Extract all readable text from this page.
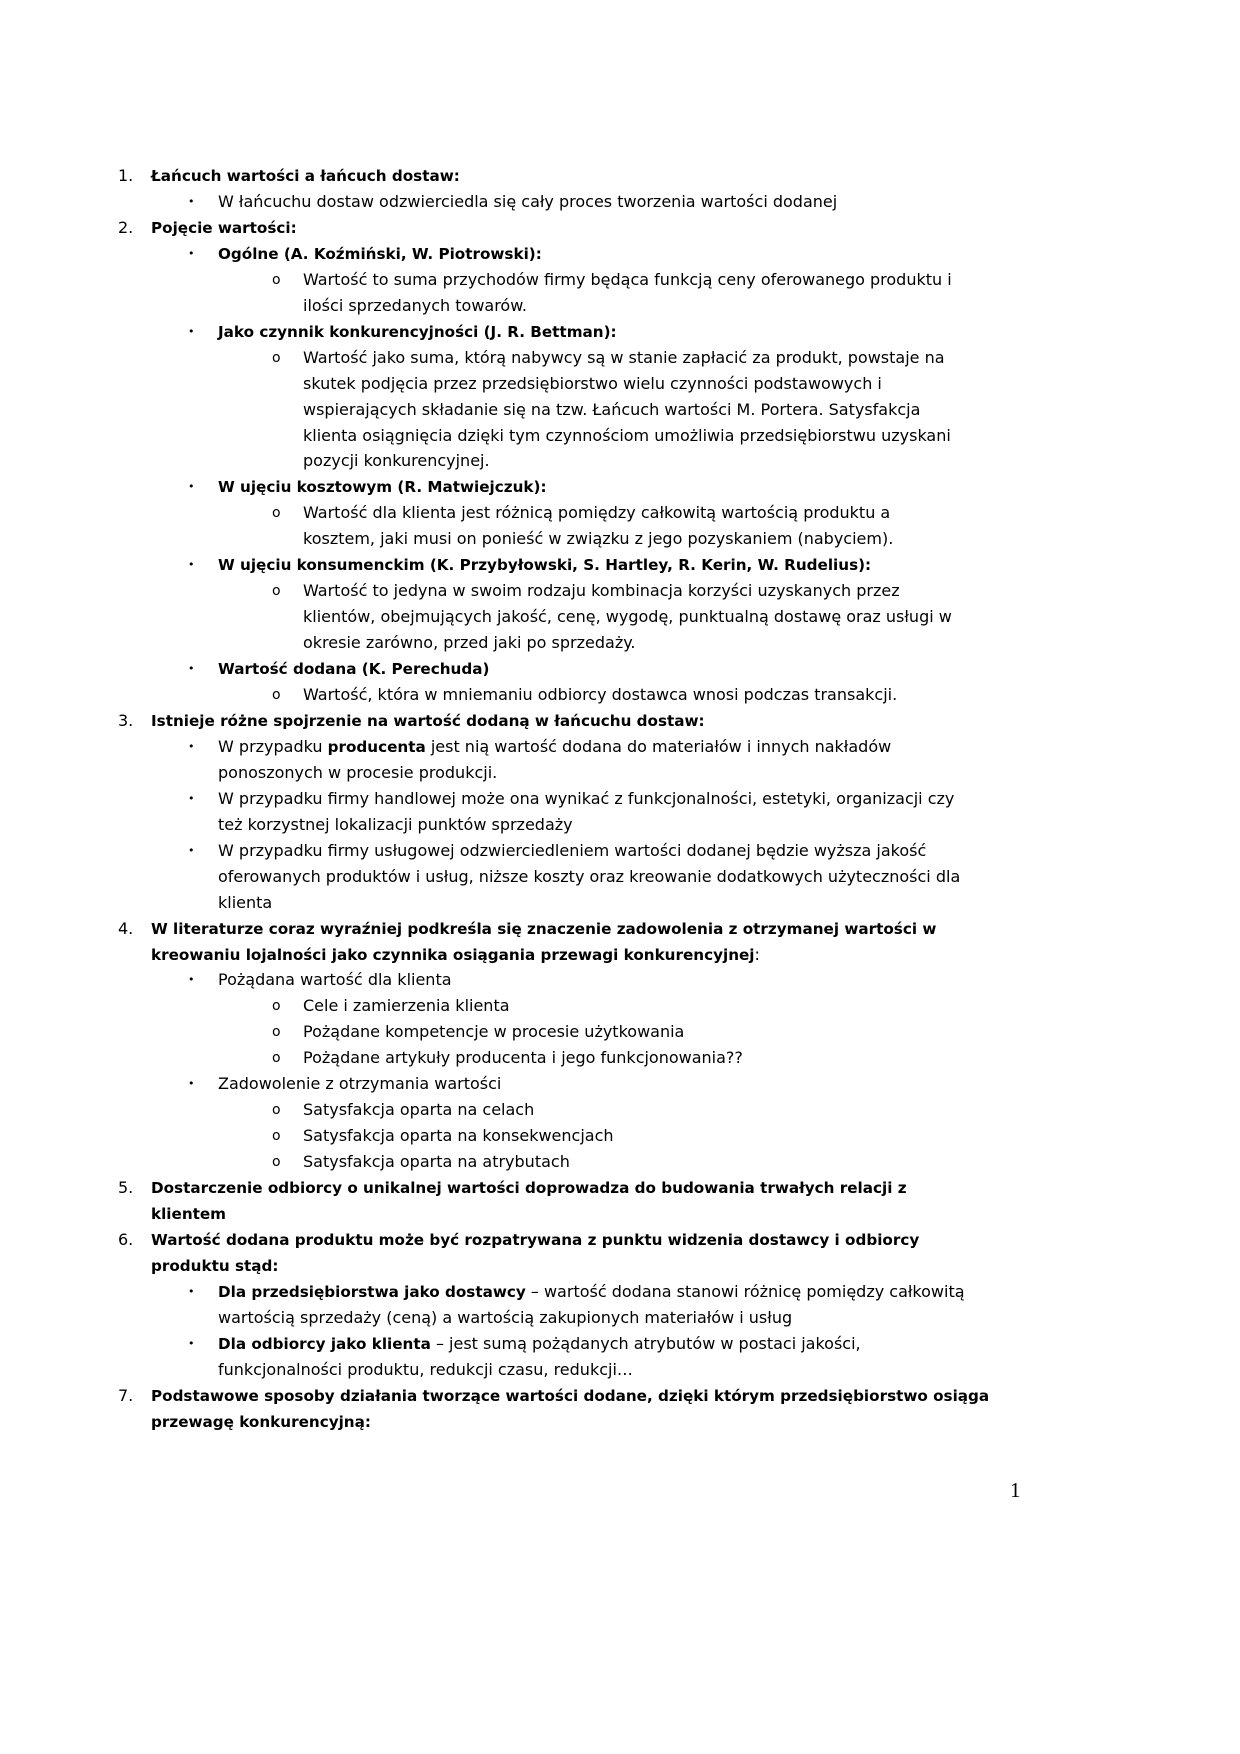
1
1. Łańcuch wartości a łańcuch dostaw:
• W łańcuchu dostaw odzwierciedla się cały proces tworzenia wartości dodanej
2. Pojęcie wartości:
• Ogólne (A. Koźmiński, W. Piotrowski):
o Wartość to suma przychodów firmy będąca funkcją ceny oferowanego produktu i
ilości sprzedanych towarów.
• Jako czynnik konkurencyjności (J. R. Bettman):
o Wartość jako suma, którą nabywcy są w stanie zapłacić za produkt, powstaje na
skutek podjęcia przez przedsiębiorstwo wielu czynności podstawowych i
wspierających składanie się na tzw. Łańcuch wartości M. Portera. Satysfakcja
klienta osiągnięcia dzięki tym czynnościom umożliwia przedsiębiorstwu uzyskani
pozycji konkurencyjnej.
• W ujęciu kosztowym (R. Matwiejczuk):
o Wartość dla klienta jest różnicą pomiędzy całkowitą wartością produktu a
kosztem, jaki musi on ponieść w związku z jego pozyskaniem (nabyciem).
• W ujęciu konsumenckim (K. Przybyłowski, S. Hartley, R. Kerin, W. Rudelius):
o Wartość to jedyna w swoim rodzaju kombinacja korzyści uzyskanych przez
klientów, obejmujących jakość, cenę, wygodę, punktualną dostawę oraz usługi w
okresie zarówno, przed jaki po sprzedaży.
• Wartość dodana (K. Perechuda)
o Wartość, która w mniemaniu odbiorcy dostawca wnosi podczas transakcji.
3. Istnieje różne spojrzenie na wartość dodaną w łańcuchu dostaw:
• W przypadku producenta jest nią wartość dodana do materiałów i innych nakładów
ponoszonych w procesie produkcji.
• W przypadku firmy handlowej może ona wynikać z funkcjonalności, estetyki, organizacji czy
też korzystnej lokalizacji punktów sprzedaży
• W przypadku firmy usługowej odzwierciedleniem wartości dodanej będzie wyższa jakość
oferowanych produktów i usług, niższe koszty oraz kreowanie dodatkowych użyteczności dla
klienta
4. W literaturze coraz wyraźniej podkreśla się znaczenie zadowolenia z otrzymanej wartości w
kreowaniu lojalności jako czynnika osiągania przewagi konkurencyjnej:
• Pożądana wartość dla klienta
o Cele i zamierzenia klienta
o Pożądane kompetencje w procesie użytkowania
o Pożądane artykuły producenta i jego funkcjonowania??
• Zadowolenie z otrzymania wartości
o Satysfakcja oparta na celach
o Satysfakcja oparta na konsekwencjach
o Satysfakcja oparta na atrybutach
5. Dostarczenie odbiorcy o unikalnej wartości doprowadza do budowania trwałych relacji z
klientem
6. Wartość dodana produktu może być rozpatrywana z punktu widzenia dostawcy i odbiorcy
produktu stąd:
• Dla przedsiębiorstwa jako dostawcy – wartość dodana stanowi różnicę pomiędzy całkowitą
wartością sprzedaży (ceną) a wartością zakupionych materiałów i usług
• Dla odbiorcy jako klienta – jest sumą pożądanych atrybutów w postaci jakości,
funkcjonalności produktu, redukcji czasu, redukcji…
7. Podstawowe sposoby działania tworzące wartości dodane, dzięki którym przedsiębiorstwo osiąga
przewagę konkurencyjną:
